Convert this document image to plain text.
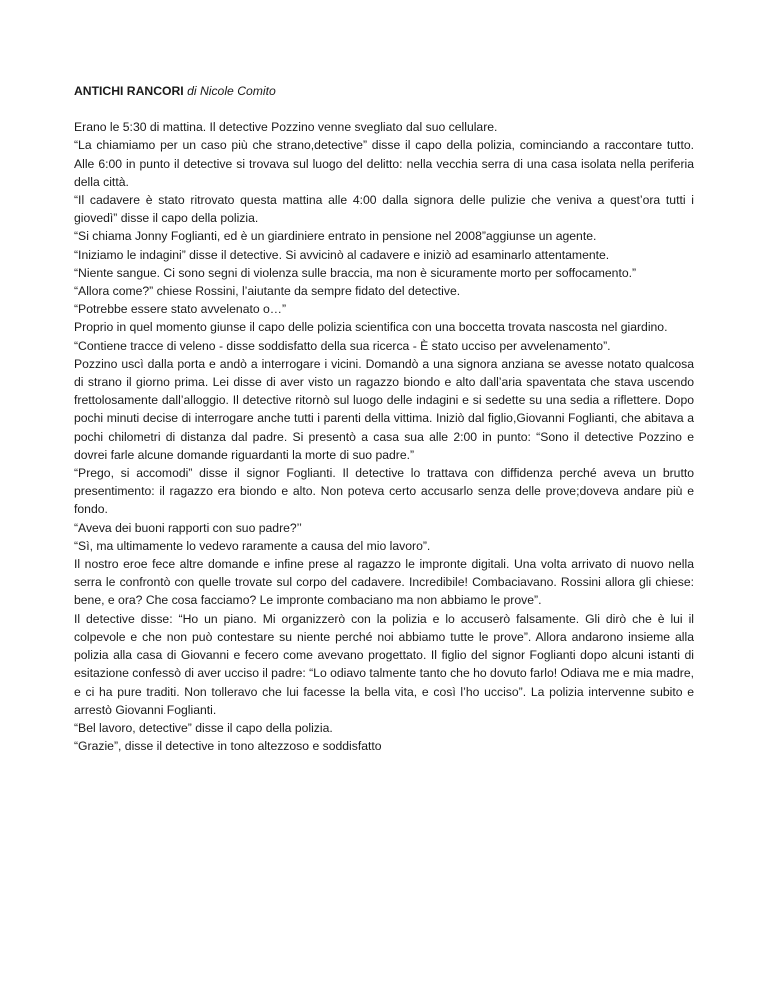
ANTICHI RANCORI di Nicole Comito

Erano le 5:30 di mattina. Il detective Pozzino venne svegliato dal suo cellulare.

“La chiamiamo per un caso più che strano,detective” disse il capo della polizia, cominciando a raccontare tutto. Alle 6:00 in punto il detective si trovava sul luogo del delitto: nella vecchia serra di una casa isolata nella periferia della città.

“Il cadavere è stato ritrovato questa mattina alle 4:00 dalla signora delle pulizie che veniva a quest’ora tutti i giovedì” disse il capo della polizia.

“Si chiama Jonny Foglianti, ed è un giardiniere entrato in pensione nel 2008”aggiunse un agente.

“Iniziamo le indagini” disse il detective. Si avvicinò al cadavere e iniziò ad esaminarlo attentamente.

“Niente sangue. Ci sono segni di violenza sulle braccia, ma non è sicuramente morto per soffocamento.”

“Allora come?” chiese Rossini, l’aiutante da sempre fidato del detective.

“Potrebbe essere stato avvelenato o…”

Proprio in quel momento giunse il capo delle polizia scientifica con una boccetta trovata nascosta nel giardino.

“Contiene tracce di veleno - disse soddisfatto della sua ricerca - È stato ucciso per avvelenamento”.

Pozzino uscì dalla porta e andò a interrogare i vicini. Domandò a una signora anziana se avesse notato qualcosa di strano il giorno prima. Lei disse di aver visto un ragazzo biondo e alto dall’aria spaventata che stava uscendo frettolosamente dall’alloggio. Il detective ritornò sul luogo delle indagini e si sedette su una sedia a riflettere. Dopo pochi minuti decise di interrogare anche tutti i parenti della vittima. Iniziò dal figlio,Giovanni Foglianti, che abitava a pochi chilometri di distanza dal padre. Si presentò a casa sua alle 2:00 in punto: “Sono il detective Pozzino e dovrei farle alcune domande riguardanti la morte di suo padre.”

“Prego, si accomodi” disse il signor Foglianti. Il detective lo trattava con diffidenza perché aveva un brutto presentimento: il ragazzo era biondo e alto. Non poteva certo accusarlo senza delle prove;doveva andare più e fondo.

“Aveva dei buoni rapporti con suo padre?’’

“Sì, ma ultimamente lo vedevo raramente a causa del mio lavoro”.

Il nostro eroe fece altre domande e infine prese al ragazzo le impronte digitali. Una volta arrivato di nuovo nella serra le confrontò con quelle trovate sul corpo del cadavere. Incredibile! Combaciavano. Rossini allora gli chiese: bene, e ora? Che cosa facciamo? Le impronte combaciano ma non abbiamo le prove”.

Il detective disse: “Ho un piano. Mi organizzerò con la polizia e lo accuserò falsamente. Gli dirò che è lui il colpevole e che non può contestare su niente perché noi abbiamo tutte le prove”. Allora andarono insieme alla polizia alla casa di Giovanni e fecero come avevano progettato. Il figlio del signor Foglianti dopo alcuni istanti di esitazione confessò di aver ucciso il padre: “Lo odiavo talmente tanto che ho dovuto farlo! Odiava me e mia madre, e ci ha pure traditi. Non tolleravo che lui facesse la bella vita, e così l’ho ucciso”. La polizia intervenne subito e arrestò Giovanni Foglianti.

“Bel lavoro, detective” disse il capo della polizia.

“Grazie”, disse il detective in tono altezzoso e soddisfatto
